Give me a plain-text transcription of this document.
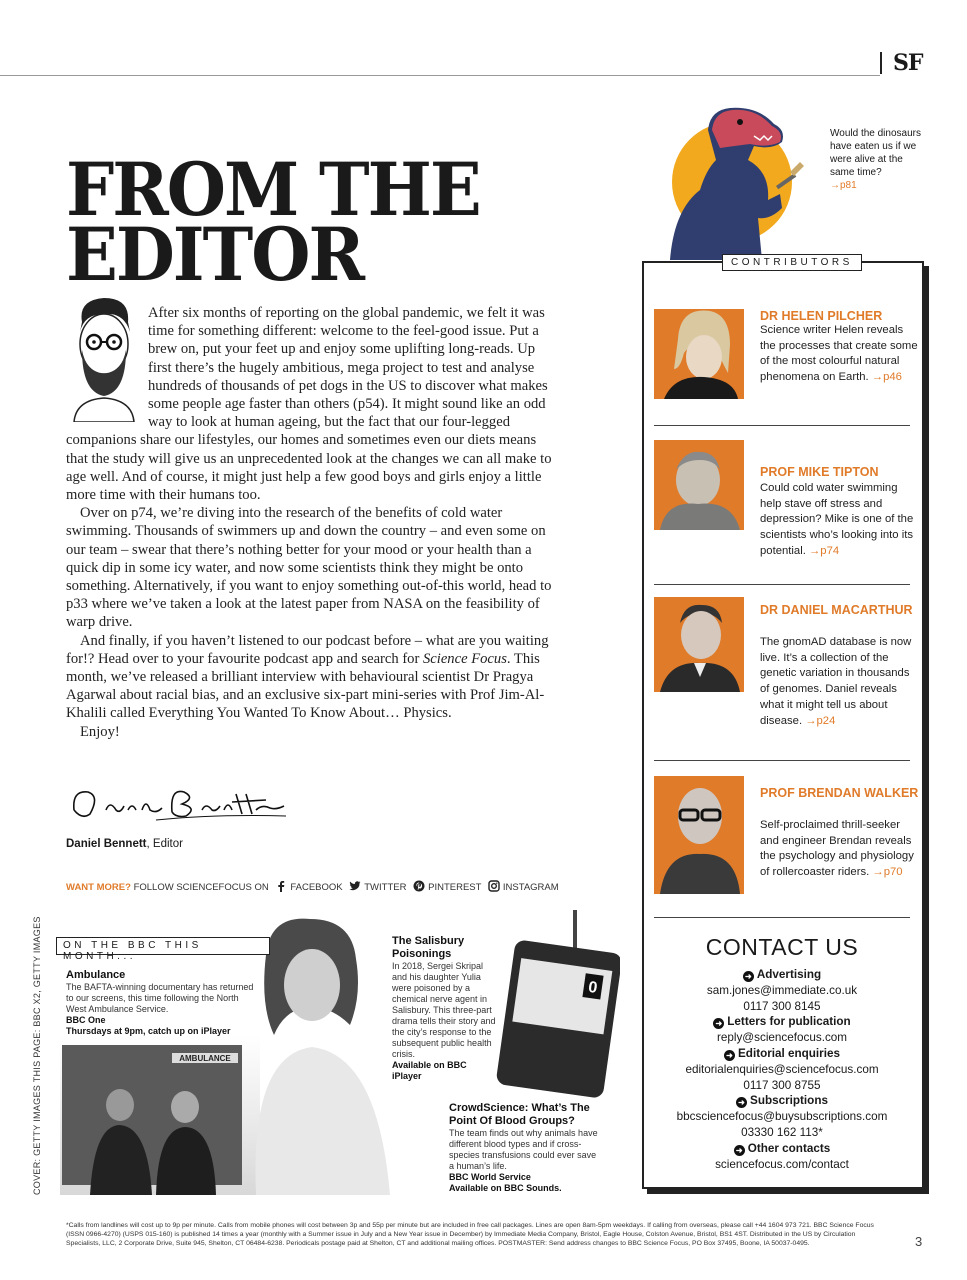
SF
FROM THE
EDITOR

After six months of reporting on the global pandemic, we felt it was time for something different: welcome to the feel-good issue. Put a brew on, put your feet up and enjoy some uplifting long-reads. Up first there’s the hugely ambitious, mega project to test and analyse hundreds of thousands of pet dogs in the US to discover what makes some people age faster than others (p54). It might sound like an odd way to look at human ageing, but the fact that our four-legged companions share our lifestyles, our homes and sometimes even our diets means that the study will give us an unprecedented look at the changes we can all make to age well. And of course, it might just help a few good boys and girls enjoy a little more time with their humans too.

Over on p74, we’re diving into the research of the benefits of cold water swimming. Thousands of swimmers up and down the country – and even some on our team – swear that there’s nothing better for your mood or your health than a quick dip in some icy water, and now some scientists think they might be onto something. Alternatively, if you want to enjoy something out-of-this world, head to p33 where we’ve taken a look at the latest paper from NASA on the feasibility of warp drive.

And finally, if you haven’t listened to our podcast before – what are you waiting for!? Head over to your favourite podcast app and search for Science Focus. This month, we’ve released a brilliant interview with behavioural scientist Dr Pragya Agarwal about racial bias, and an exclusive six-part mini-series with Prof Jim-Al-Khalili called Everything You Wanted To Know About… Physics.

Enjoy!

Daniel Bennett, Editor
WANT MORE? FOLLOW SCIENCEFOCUS ON FACEBOOK TWITTER PINTEREST INSTAGRAM
Would the dinosaurs have eaten us if we were alive at the same time?
→p81
CONTRIBUTORS
DR HELEN PILCHER
Science writer Helen reveals the processes that create some of the most colourful natural phenomena on Earth. →p46
PROF MIKE TIPTON
Could cold water swimming help stave off stress and depression? Mike is one of the scientists who’s looking into its potential. →p74
DR DANIEL MACARTHUR
The gnomAD database is now live. It’s a collection of the genetic variation in thousands of genomes. Daniel reveals what it might tell us about disease. →p24
PROF BRENDAN WALKER
Self-proclaimed thrill-seeker and engineer Brendan reveals the psychology and physiology of rollercoaster riders. →p70
CONTACT US
➜ Advertising
sam.jones@immediate.co.uk
0117 300 8145
➜ Letters for publication
reply@sciencefocus.com
➜ Editorial enquiries
editorialenquiries@sciencefocus.com
0117 300 8755
➜ Subscriptions
bbcsciencefocus@buysubscriptions.com
03330 162 113*
➜ Other contacts
sciencefocus.com/contact
AMBULANCE
0
ON THE BBC THIS MONTH...
COVER: GETTY IMAGES THIS PAGE: BBC X2, GETTY IMAGES Ambulance
The BAFTA-winning documentary has returned to our screens, this time following the North West Ambulance Service.
BBC One
Thursdays at 9pm, catch up on iPlayer
The Salisbury Poisonings
In 2018, Sergei Skripal and his daughter Yulia were poisoned by a chemical nerve agent in Salisbury. This three-part drama tells their story and the city’s response to the subsequent public health crisis.
Available on BBC iPlayer
CrowdScience: What’s The Point Of Blood Groups?
The team finds out why animals have different blood types and if cross-species transfusions could ever save a human’s life.
BBC World Service
Available on BBC Sounds.
*Calls from landlines will cost up to 9p per minute. Calls from mobile phones will cost between 3p and 55p per minute but are included in free call packages. Lines are open 8am-5pm weekdays. If calling from overseas, please call +44 1604 973 721. BBC Science Focus (ISSN 0966-4270) (USPS 015-160) is published 14 times a year (monthly with a Summer issue in July and a New Year issue in December) by Immediate Media Company, Bristol, Eagle House, Colston Avenue, Bristol, BS1 4ST. Distributed in the US by Circulation Specialists, LLC, 2 Corporate Drive, Suite 945, Shelton, CT 06484-6238. Periodicals postage paid at Shelton, CT and additional mailing offices. POSTMASTER: Send address changes to BBC Science Focus, PO Box 37495, Boone, IA 50037-0495.	3
